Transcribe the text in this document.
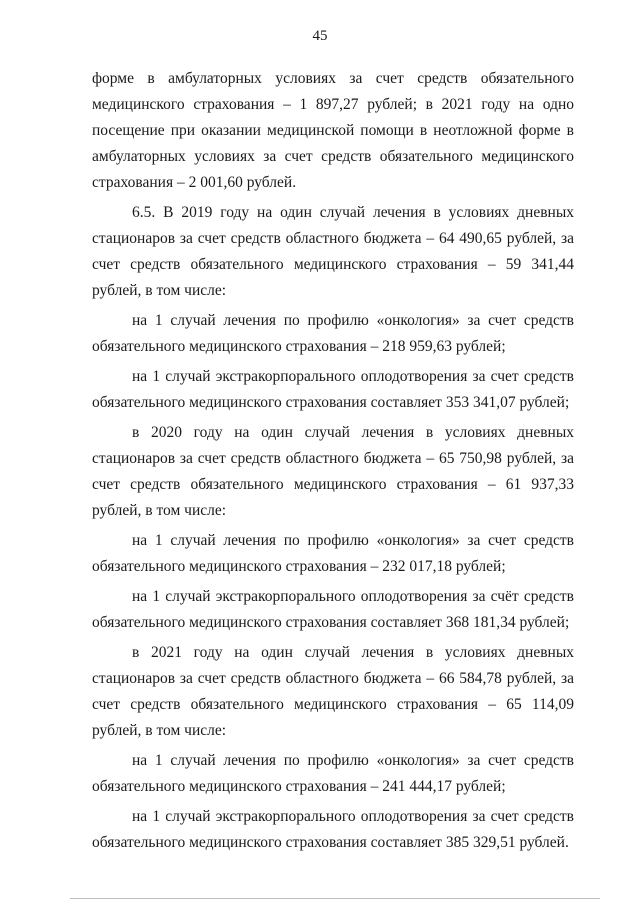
45

форме в амбулаторных условиях за счет средств обязательного медицинского страхования – 1 897,27 рублей; в 2021 году на одно посещение при оказании медицинской помощи в неотложной форме в амбулаторных условиях за счет средств обязательного медицинского страхования – 2 001,60 рублей.

6.5. В 2019 году на один случай лечения в условиях дневных стационаров за счет средств областного бюджета – 64 490,65 рублей, за счет средств обязательного медицинского страхования – 59 341,44 рублей, в том числе:

на 1 случай лечения по профилю «онкология» за счет средств обязательного медицинского страхования – 218 959,63 рублей;

на 1 случай экстракорпорального оплодотворения за счет средств обязательного медицинского страхования составляет 353 341,07 рублей;

в 2020 году на один случай лечения в условиях дневных стационаров за счет средств областного бюджета – 65 750,98 рублей, за счет средств обязательного медицинского страхования – 61 937,33 рублей, в том числе:

на 1 случай лечения по профилю «онкология» за счет средств обязательного медицинского страхования – 232 017,18 рублей;

на 1 случай экстракорпорального оплодотворения за счёт средств обязательного медицинского страхования составляет 368 181,34 рублей;

в 2021 году на один случай лечения в условиях дневных стационаров за счет средств областного бюджета – 66 584,78 рублей, за счет средств обязательного медицинского страхования – 65 114,09 рублей, в том числе:

на 1 случай лечения по профилю «онкология» за счет средств обязательного медицинского страхования – 241 444,17 рублей;

на 1 случай экстракорпорального оплодотворения за счет средств обязательного медицинского страхования составляет 385 329,51 рублей.
